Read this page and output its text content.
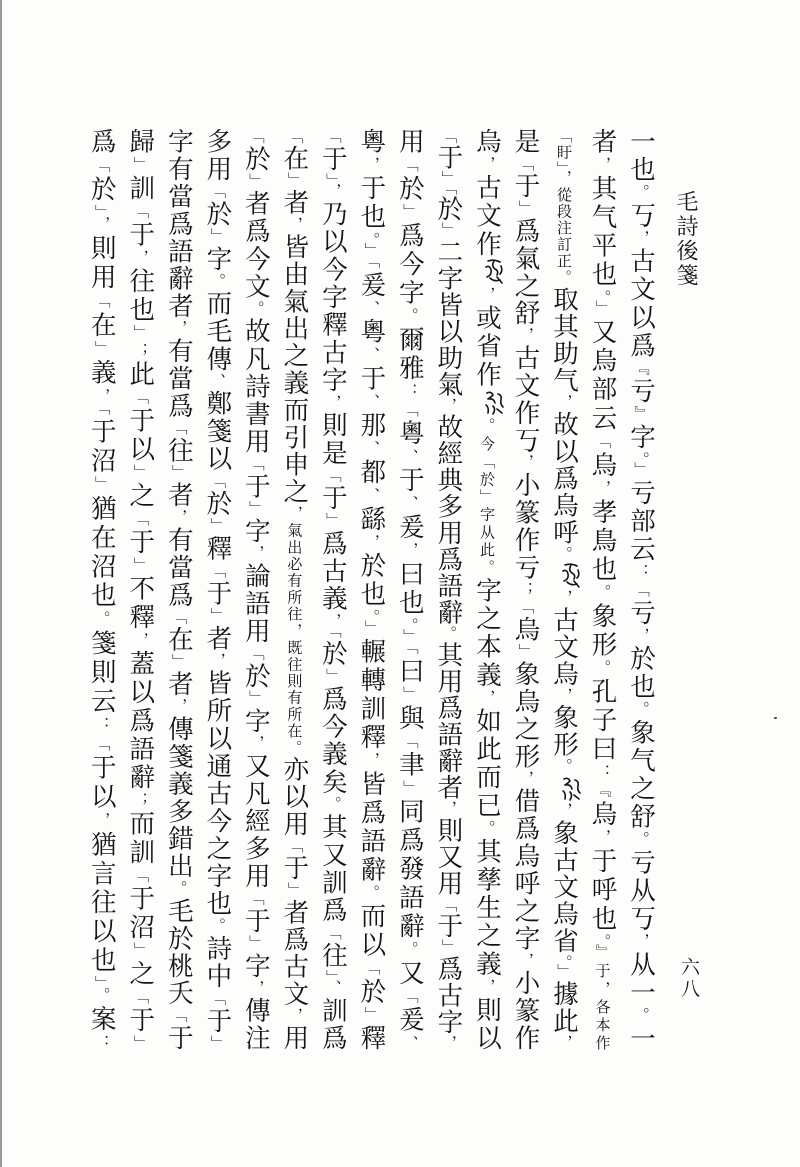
毛詩後箋
六八
一也。丂，古文以爲『亏』字。」亏部云：「亏，於也。象气之舒。亏从丂，从一。一
者，其气平也。」又烏部云「烏，孝鳥也。象形。孔子曰：『烏，于呼也。』于，各本作
「盱」，從段注訂正。取其助气，故以爲烏呼。，古文烏，象形。，象古文烏省。」據此，
是「于」爲氣之舒，古文作丂，小篆作亏；「烏」象烏之形，借爲烏呼之字，小篆作
烏，古文作，或省作。今「於」字从此。字之本義，如此而已。其孳生之義，則以
「于」「於」二字皆以助氣，故經典多用爲語辭。其用爲語辭者，則又用「于」爲古字，
用「於」爲今字。爾雅：「粵、于、爰，曰也。」「曰」與「聿」同爲發語辭。又「爰、
粵，于也。」「爰、粵、于、那、都、繇，於也。」輾轉訓釋，皆爲語辭。而以「於」釋
「于」，乃以今字釋古字，則是「于」爲古義，「於」爲今義矣。其又訓爲「往」、訓爲
「在」者，皆由氣出之義而引申之，氣出必有所往，既往則有所在。亦以用「于」者爲古文，用
「於」者爲今文。故凡詩書用「于」字，論語用「於」字，又凡經多用「于」字，傳注
多用「於」字。而毛傳、鄭箋以「於」釋「于」者，皆所以通古今之字也。詩中「于」
字有當爲語辭者，有當爲「往」者，有當爲「在」者，傳箋義多錯出。毛於桃夭「于
歸」訓「于，往也」；此「于以」之「于」不釋，蓋以爲語辭；而訓「于沼」之「于」
爲「於」，則用「在」義，「于沼」猶在沼也。箋則云：「于以，猶言往以也」。案：
